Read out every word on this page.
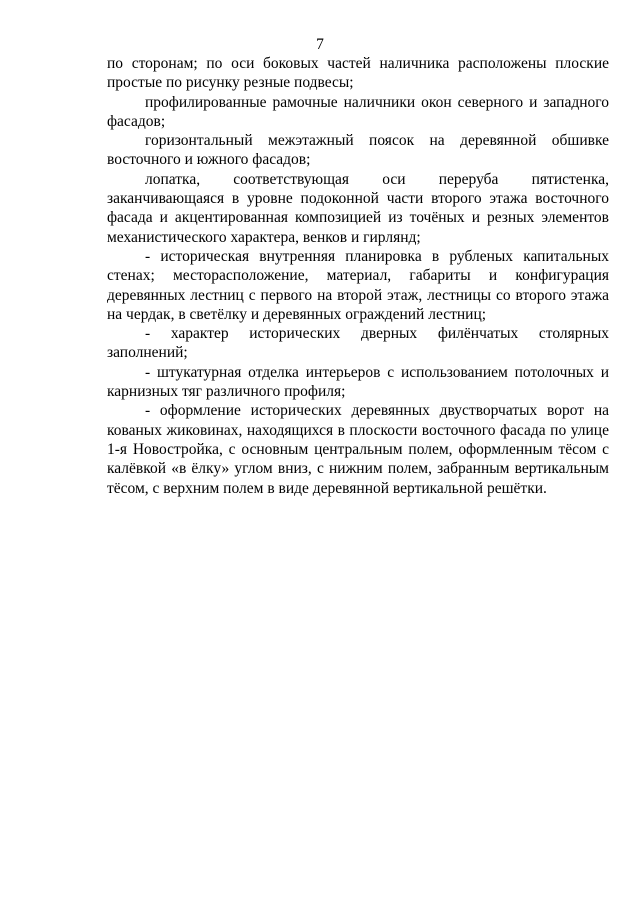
7

по сторонам; по оси боковых частей наличника расположены плоские простые по рисунку резные подвесы;

профилированные рамочные наличники окон северного и западного фасадов;

горизонтальный межэтажный поясок на деревянной обшивке восточного и южного фасадов;

лопатка, соответствующая оси переруба пятистенка, заканчивающаяся в уровне подоконной части второго этажа восточного фасада и акцентированная композицией из точёных и резных элементов механистического характера, венков и гирлянд;

- историческая внутренняя планировка в рубленых капитальных стенах; месторасположение, материал, габариты и конфигурация деревянных лестниц с первого на второй этаж, лестницы со второго этажа на чердак, в светёлку и деревянных ограждений лестниц;

- характер исторических дверных филёнчатых столярных заполнений;

- штукатурная отделка интерьеров с использованием потолочных и карнизных тяг различного профиля;

- оформление исторических деревянных двустворчатых ворот на кованых жиковинах, находящихся в плоскости восточного фасада по улице 1-я Новостройка, с основным центральным полем, оформленным тёсом с калёвкой «в ёлку» углом вниз, с нижним полем, забранным вертикальным тёсом, с верхним полем в виде деревянной вертикальной решётки.
